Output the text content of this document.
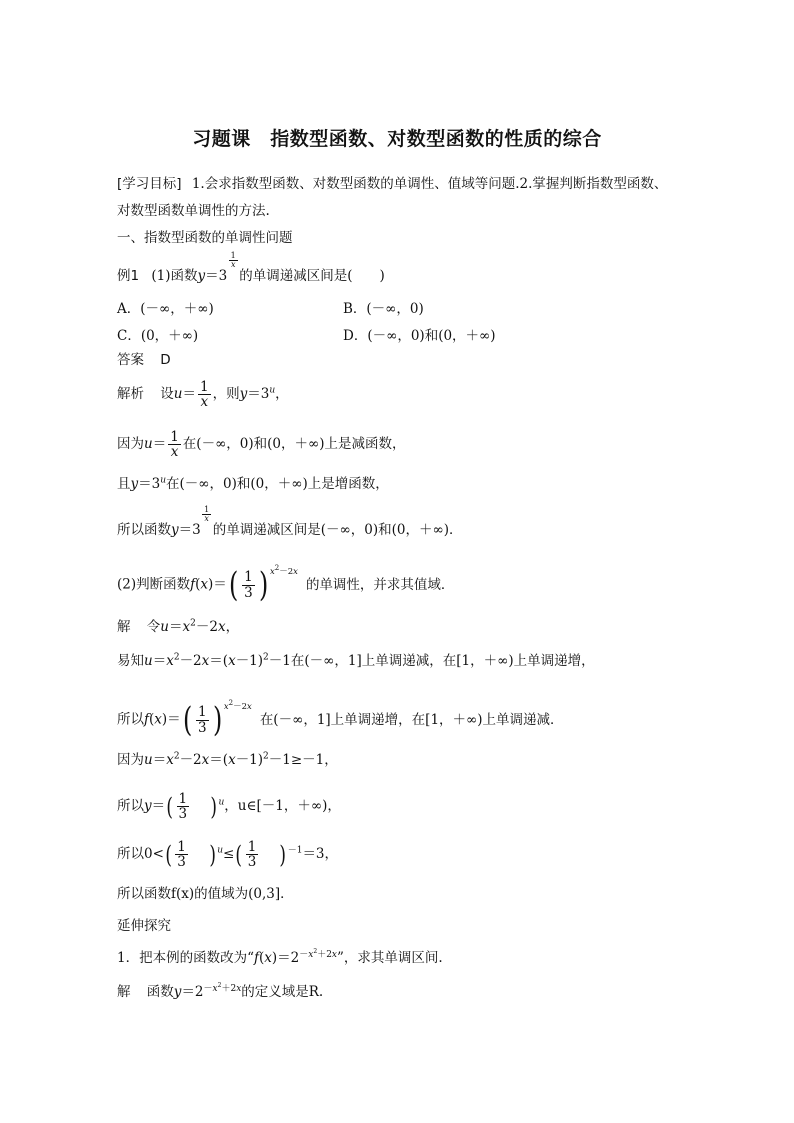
习题课　指数型函数、对数型函数的性质的综合
[学习目标] 1.会求指数型函数、对数型函数的单调性、值域等问题.2.掌握判断指数型函数、
对数型函数单调性的方法.
一、指数型函数的单调性问题
例1 (1)函数y＝3
$\frac{1}{x}$
的单调递减区间是(　　)
A．(－∞，＋∞)	B．(－∞，0)
C．(0，＋∞)	D．(－∞，0)和(0，＋∞)
答案 D
解析 设$u= \frac{1}{x}$ ，则$y=3^u$，
因为$u= \frac{1}{x}$ 在(－∞，0)和(0，＋∞)上是减函数，
且$y=3^u$在(－∞，0)和(0，＋∞)上是增函数，
所以函数y＝3
$\frac{1}{x}$
的单调递减区间是(－∞，0)和(0，＋∞)．
(2)判断函数$f(x)=( \frac{1}{3}$ ) $x^2-2x$
的单调性，并求其值域．
解 令$u=x^2-2x$，
易知$u=x^2-2x=(x-1)^2-1$在(－∞，1]上单调递减，在[1，＋∞)上单调递增，
所以$f(x)=( \frac{1}{3}$ ) $x^2-2x$
在(－∞，1]上单调递增，在[1，＋∞)上单调递减．
因为$u=x^2-2x=(x-1)^2-1\ge-1$，
所以$y=( \frac{1}{3} )^u$，u∈[－1，＋∞)，
所以$0<( \frac{1}{3} )^u\le( \frac{1}{3} )^{-1}=3$，
所以函数f(x)的值域为(0,3]．
延伸探究
1．把本例的函数改为“$f(x)=2^{-x^2+2x}$”，求其单调区间.
解 函数$y=2^{-x^2+2x}$的定义域是R.
